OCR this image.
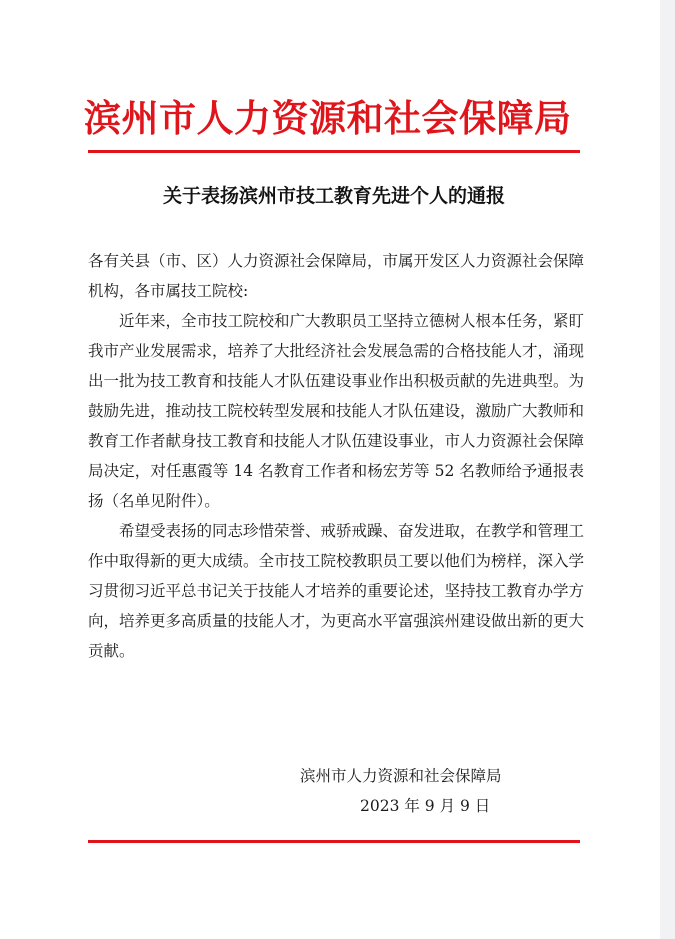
滨州市人力资源和社会保障局
关于表扬滨州市技工教育先进个人的通报

各有关县（市、区）人力资源社会保障局，市属开发区人力资源社会保障机构，各市属技工院校:

近年来，全市技工院校和广大教职员工坚持立德树人根本任务，紧盯我市产业发展需求，培养了大批经济社会发展急需的合格技能人才，涌现出一批为技工教育和技能人才队伍建设事业作出积极贡献的先进典型。为鼓励先进，推动技工院校转型发展和技能人才队伍建设，激励广大教师和教育工作者献身技工教育和技能人才队伍建设事业，市人力资源社会保障局决定，对任惠霞等 14 名教育工作者和杨宏芳等 52 名教师给予通报表扬（名单见附件）。

希望受表扬的同志珍惜荣誉、戒骄戒躁、奋发进取，在教学和管理工作中取得新的更大成绩。全市技工院校教职员工要以他们为榜样，深入学习贯彻习近平总书记关于技能人才培养的重要论述，坚持技工教育办学方向，培养更多高质量的技能人才，为更高水平富强滨州建设做出新的更大贡献。

滨州市人力资源和社会保障局
2023 年 9 月 9 日
